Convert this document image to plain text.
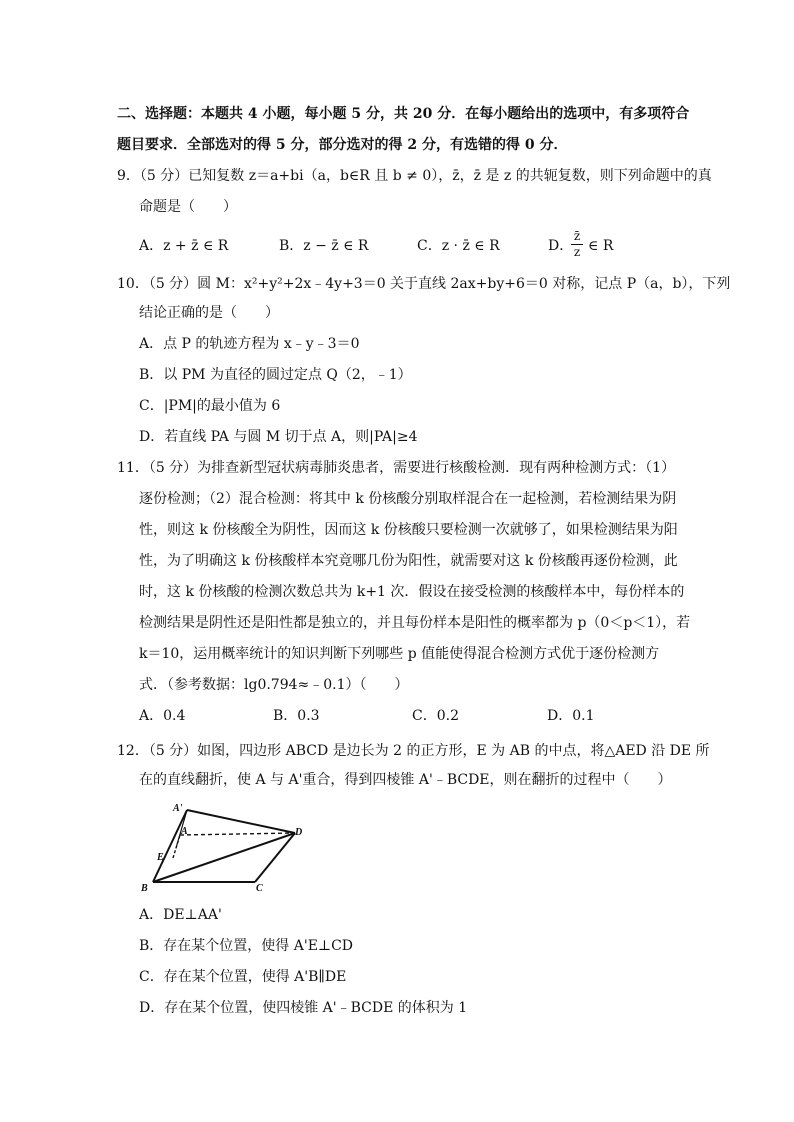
二、选择题：本题共 4 小题，每小题 5 分，共 20 分．在每小题给出的选项中，有多项符合
题目要求．全部选对的得 5 分，部分选对的得 2 分，有选错的得 0 分．
9．（5 分）已知复数 z＝a+bi（a，b∈R 且 b ≠ 0），z̄，z̄ 是 z 的共轭复数，则下列命题中的真
命题是（　　）
A．z + z̄ ∈ R	B．z − z̄ ∈ R	C．z · z̄ ∈ R	D．
z̄
z ∈ R
10．（5 分）圆 M：x²+y²+2x﹣4y+3＝0 关于直线 2ax+by+6＝0 对称，记点 P（a，b），下列
结论正确的是（　　）
A．点 P 的轨迹方程为 x﹣y﹣3＝0
B．以 PM 为直径的圆过定点 Q（2，﹣1）
C．|PM|的最小值为 6
D．若直线 PA 与圆 M 切于点 A，则|PA|≥4
11．（5 分）为排查新型冠状病毒肺炎患者，需要进行核酸检测．现有两种检测方式：（1）
逐份检测；（2）混合检测：将其中 k 份核酸分别取样混合在一起检测，若检测结果为阴
性，则这 k 份核酸全为阴性，因而这 k 份核酸只要检测一次就够了，如果检测结果为阳
性，为了明确这 k 份核酸样本究竟哪几份为阳性，就需要对这 k 份核酸再逐份检测，此
时，这 k 份核酸的检测次数总共为 k+1 次．假设在接受检测的核酸样本中，每份样本的
检测结果是阴性还是阳性都是独立的，并且每份样本是阳性的概率都为 p（0＜p＜1），若
k＝10，运用概率统计的知识判断下列哪些 p 值能使得混合检测方式优于逐份检测方
式．（参考数据：lg0.794≈﹣0.1）（　　）
A．0.4	B．0.3	C．0.2	D．0.1
12．（5 分）如图，四边形 ABCD 是边长为 2 的正方形，E 为 AB 的中点，将△AED 沿 DE 所
在的直线翻折，使 A 与 A'重合，得到四棱锥 A'﹣BCDE，则在翻折的过程中（　　）
A'
A
E
B	C
D
A．DE⊥AA'
B．存在某个位置，使得 A'E⊥CD
C．存在某个位置，使得 A'B∥DE
D．存在某个位置，使四棱锥 A'﹣BCDE 的体积为 1
